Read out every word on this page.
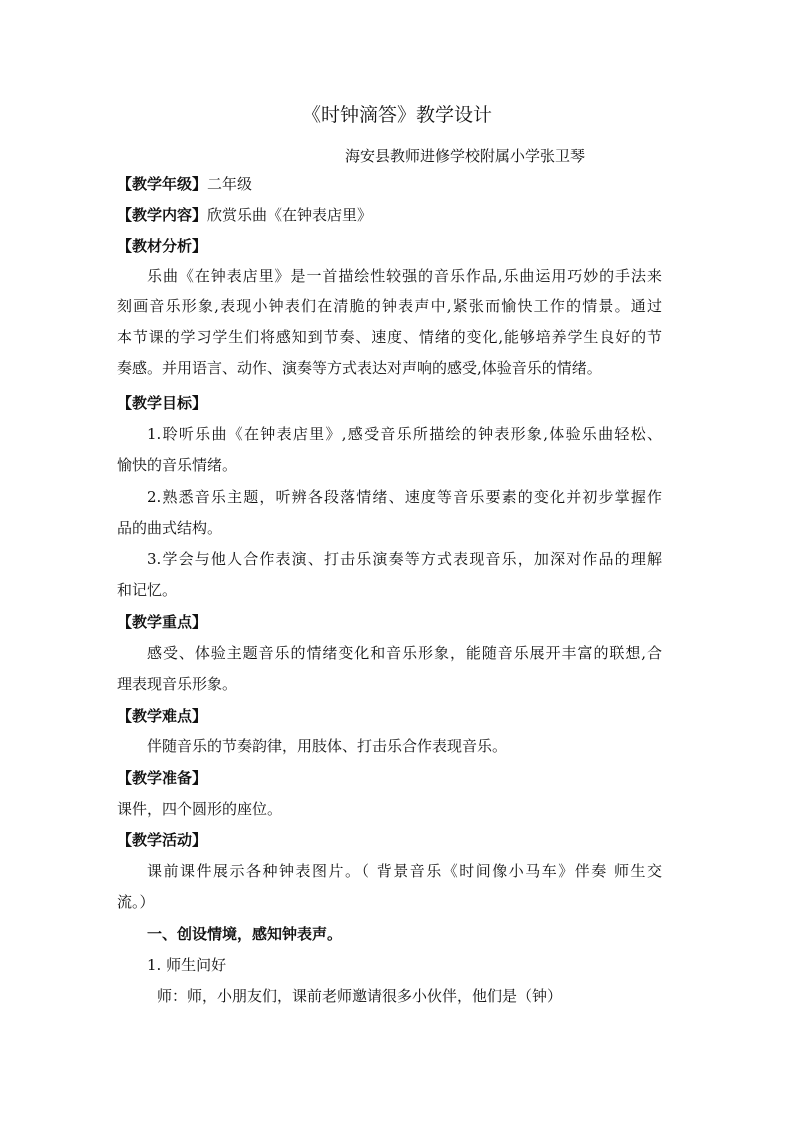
《时钟滴答》教学设计
海安县教师进修学校附属小学张卫琴
【教学年级】二年级
【教学内容】欣赏乐曲《在钟表店里》
【教材分析】
乐曲《在钟表店里》是一首描绘性较强的音乐作品,乐曲运用巧妙的手法来
刻画音乐形象,表现小钟表们在清脆的钟表声中,紧张而愉快工作的情景。通过
本节课的学习学生们将感知到节奏、速度、情绪的变化,能够培养学生良好的节
奏感。并用语言、动作、演奏等方式表达对声响的感受,体验音乐的情绪。
【教学目标】
1.聆听乐曲《在钟表店里》,感受音乐所描绘的钟表形象,体验乐曲轻松、
愉快的音乐情绪。
2.熟悉音乐主题，听辨各段落情绪、速度等音乐要素的变化并初步掌握作
品的曲式结构。
3.学会与他人合作表演、打击乐演奏等方式表现音乐，加深对作品的理解
和记忆。
【教学重点】
感受、体验主题音乐的情绪变化和音乐形象，能随音乐展开丰富的联想,合
理表现音乐形象。
【教学难点】
伴随音乐的节奏韵律，用肢体、打击乐合作表现音乐。
【教学准备】
课件，四个圆形的座位。
【教学活动】
课前课件展示各种钟表图片。（ 背景音乐《时间像小马车》伴奏 师生交
流。）
一、创设情境，感知钟表声。
1. 师生问好
师：师，小朋友们，课前老师邀请很多小伙伴，他们是（钟）
